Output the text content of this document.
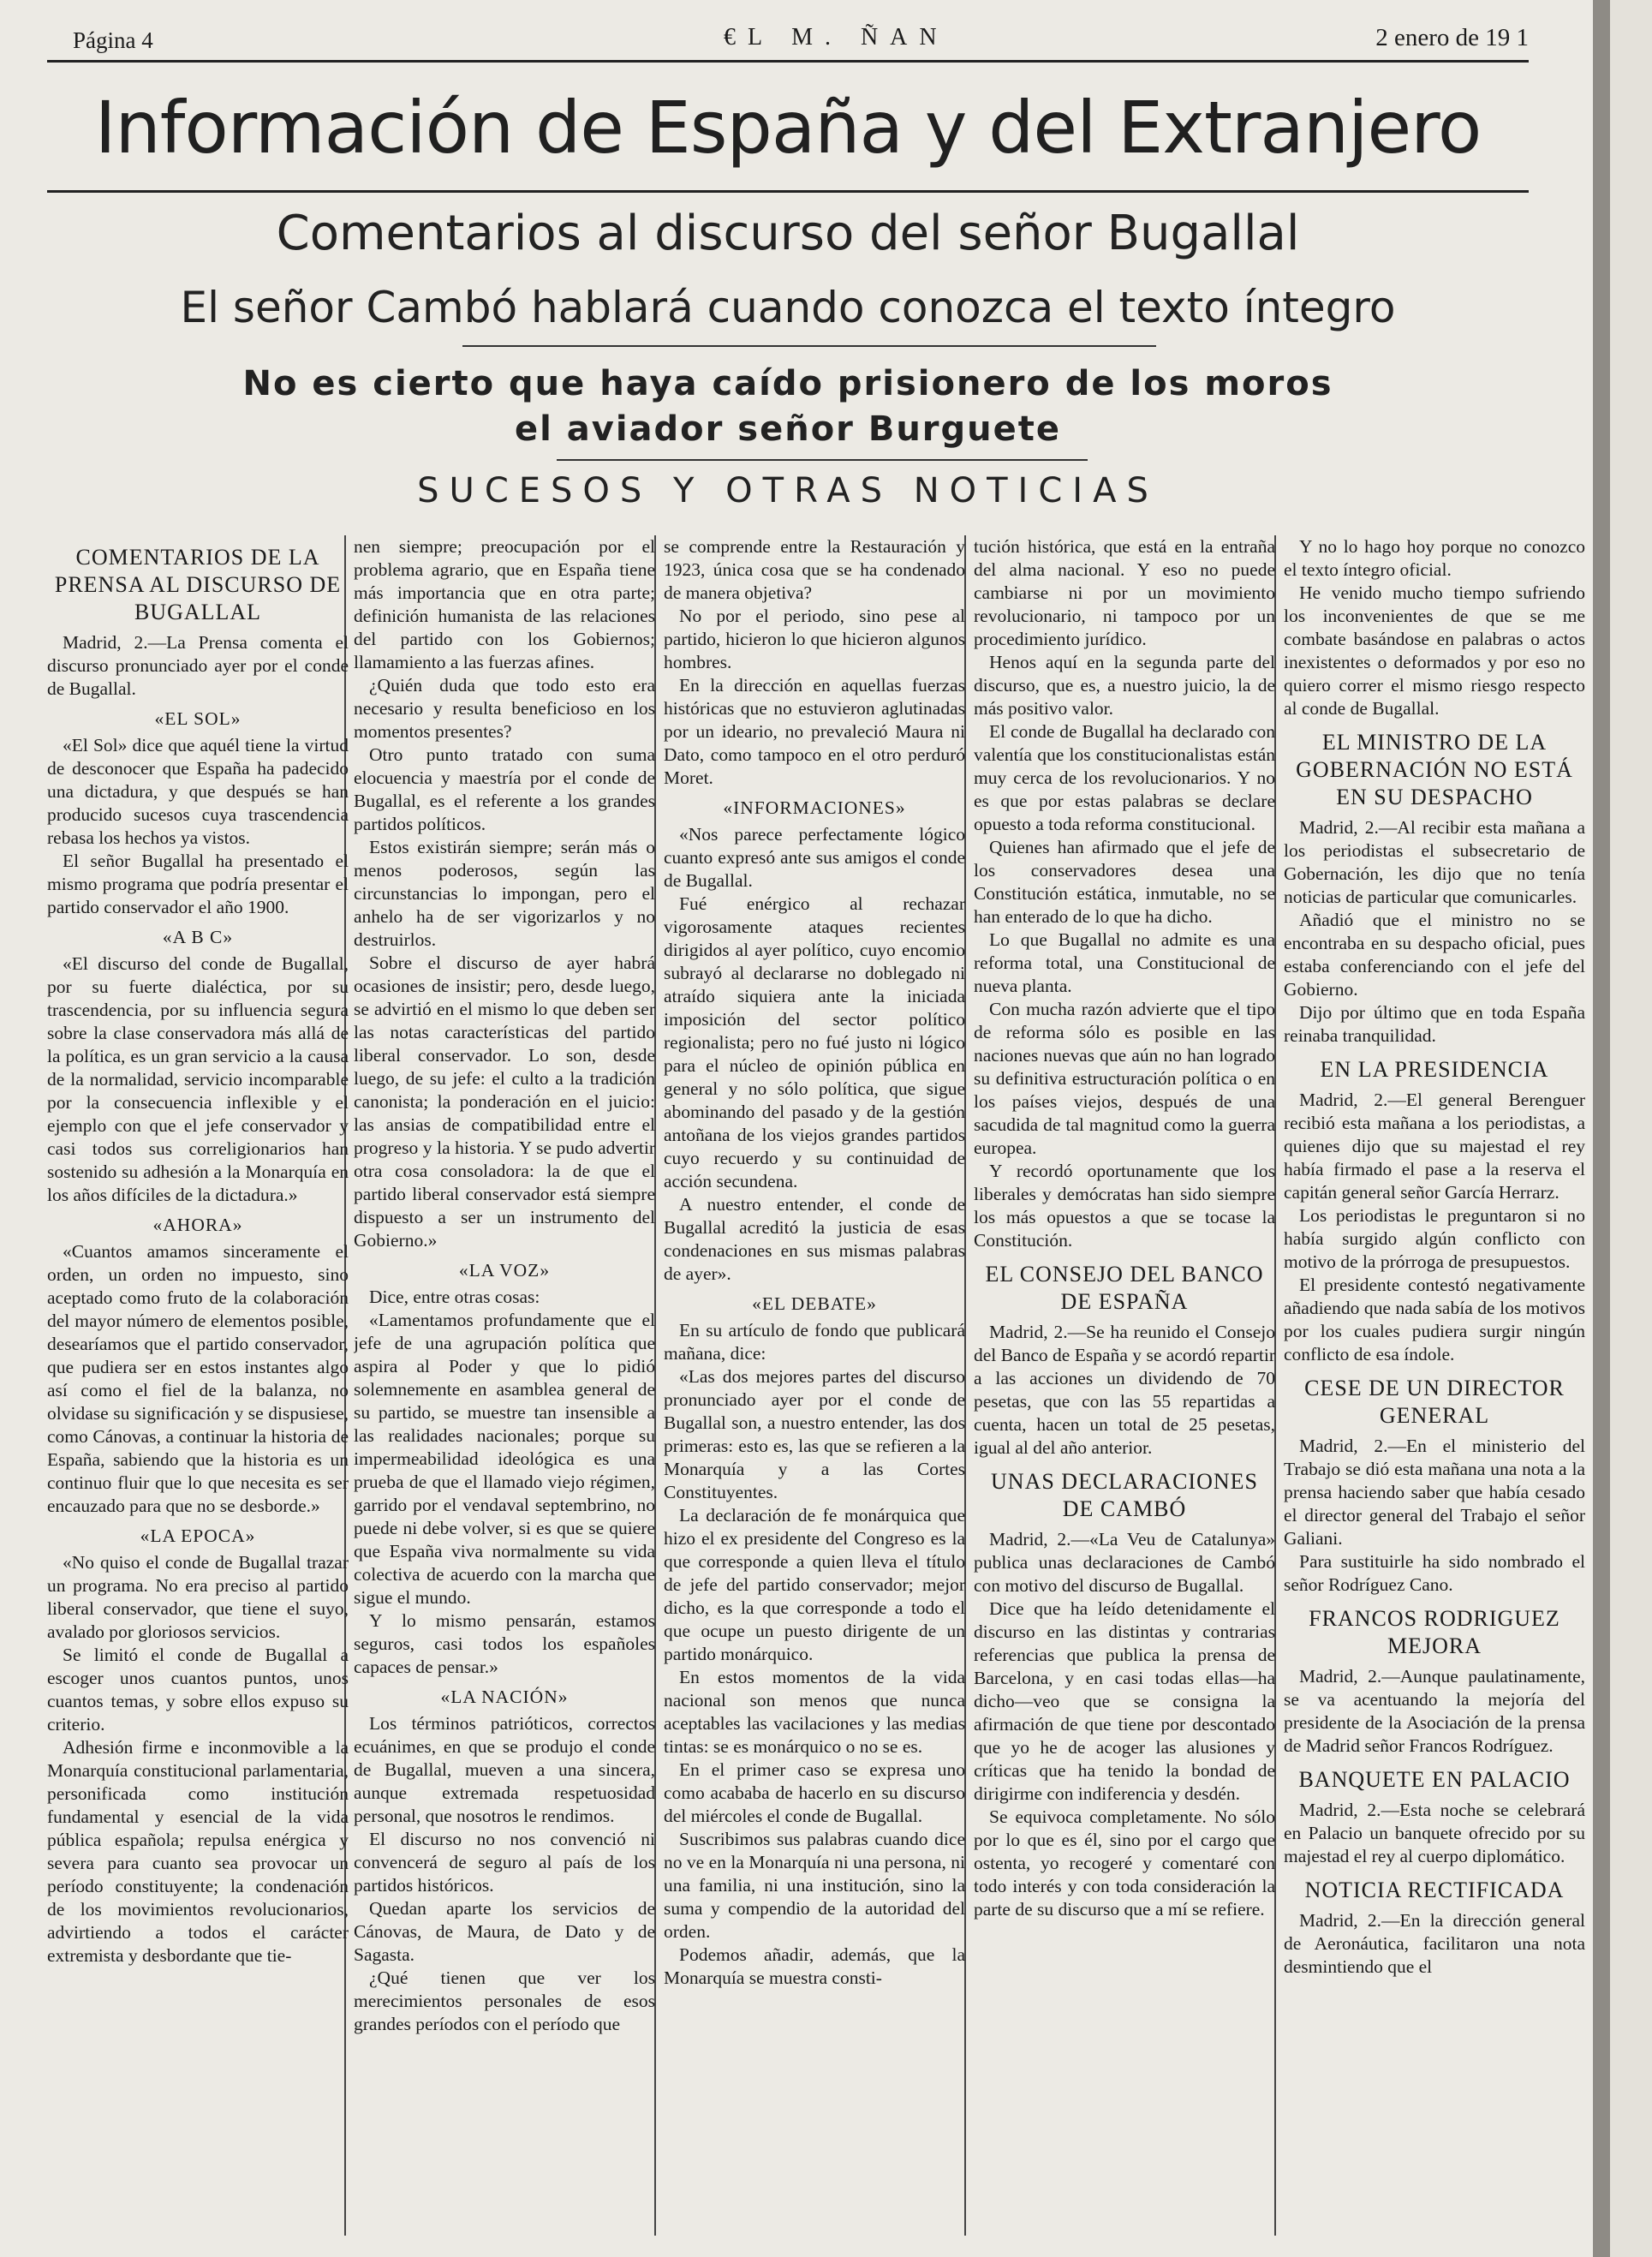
Página 4	€L M. ÑAN	2 enero de 19 1
Información de España y del Extranjero
Comentarios al discurso del señor Bugallal
El señor Cambó hablará cuando conozca el texto íntegro
No es cierto que haya caído prisionero de los moros
el aviador señor Burguete
SUCESOS Y OTRAS NOTICIAS

COMENTARIOS DE LA PRENSA AL DISCURSO DE BUGALLAL

Madrid, 2.—La Prensa comenta el discurso pronunciado ayer por el conde de Bugallal.

«EL SOL»

«El Sol» dice que aquél tiene la virtud de desconocer que España ha padecido una dictadura, y que después se han producido sucesos cuya trascendencia rebasa los hechos ya vistos.

El señor Bugallal ha presentado el mismo programa que podría presentar el partido conservador el año 1900.

«A B C»

«El discurso del conde de Bugallal, por su fuerte dialéctica, por su trascendencia, por su influencia segura sobre la clase conservadora más allá de la política, es un gran servicio a la causa de la normalidad, servicio incomparable por la consecuencia inflexible y el ejemplo con que el jefe conservador y casi todos sus correligionarios han sostenido su adhesión a la Monarquía en los años difíciles de la dictadura.»

«AHORA»

«Cuantos amamos sinceramente el orden, un orden no impuesto, sino aceptado como fruto de la colaboración del mayor número de elementos posible, desearíamos que el partido conservador, que pudiera ser en estos instantes algo así como el fiel de la balanza, no olvidase su significación y se dispusiese, como Cánovas, a continuar la historia de España, sabiendo que la historia es un continuo fluir que lo que necesita es ser encauzado para que no se desborde.»

«LA EPOCA»

«No quiso el conde de Bugallal trazar un programa. No era preciso al partido liberal conservador, que tiene el suyo, avalado por gloriosos servicios.

Se limitó el conde de Bugallal a escoger unos cuantos puntos, unos cuantos temas, y sobre ellos expuso su criterio.

Adhesión firme e inconmovible a la Monarquía constitucional parlamentaria, personificada como institución fundamental y esencial de la vida pública española; repulsa enérgica y severa para cuanto sea provocar un período constituyente; la condenación de los movimientos revolucionarios, advirtiendo a todos el carácter extremista y desbordante que tie-

nen siempre; preocupación por el problema agrario, que en España tiene más importancia que en otra parte; definición humanista de las relaciones del partido con los Gobiernos; llamamiento a las fuerzas afines.

¿Quién duda que todo esto era necesario y resulta beneficioso en los momentos presentes?

Otro punto tratado con suma elocuencia y maestría por el conde de Bugallal, es el referente a los grandes partidos políticos.

Estos existirán siempre; serán más o menos poderosos, según las circunstancias lo impongan, pero el anhelo ha de ser vigorizarlos y no destruirlos.

Sobre el discurso de ayer habrá ocasiones de insistir; pero, desde luego, se advirtió en el mismo lo que deben ser las notas características del partido liberal conservador. Lo son, desde luego, de su jefe: el culto a la tradición canonista; la ponderación en el juicio: las ansias de compatibilidad entre el progreso y la historia. Y se pudo advertir otra cosa consoladora: la de que el partido liberal conservador está siempre dispuesto a ser un instrumento del Gobierno.»

«LA VOZ»

Dice, entre otras cosas:

«Lamentamos profundamente que el jefe de una agrupación política que aspira al Poder y que lo pidió solemnemente en asamblea general de su partido, se muestre tan insensible a las realidades nacionales; porque su impermeabilidad ideológica es una prueba de que el llamado viejo régimen, garrido por el vendaval septembrino, no puede ni debe volver, si es que se quiere que España viva normalmente su vida colectiva de acuerdo con la marcha que sigue el mundo.

Y lo mismo pensarán, estamos seguros, casi todos los españoles capaces de pensar.»

«LA NACIÓN»

Los términos patrióticos, correctos ecuánimes, en que se produjo el conde de Bugallal, mueven a una sincera, aunque extremada respetuosidad personal, que nosotros le rendimos.

El discurso no nos convenció ni convencerá de seguro al país de los partidos históricos.

Quedan aparte los servicios de Cánovas, de Maura, de Dato y de Sagasta.

¿Qué tienen que ver los merecimientos personales de esos grandes períodos con el período que

se comprende entre la Restauración y 1923, única cosa que se ha condenado de manera objetiva?

No por el periodo, sino pese al partido, hicieron lo que hicieron algunos hombres.

En la dirección en aquellas fuerzas históricas que no estuvieron aglutinadas por un ideario, no prevaleció Maura ni Dato, como tampoco en el otro perduró Moret.

«INFORMACIONES»

«Nos parece perfectamente lógico cuanto expresó ante sus amigos el conde de Bugallal.

Fué enérgico al rechazar vigorosamente ataques recientes dirigidos al ayer político, cuyo encomio subrayó al declararse no doblegado ni atraído siquiera ante la iniciada imposición del sector político regionalista; pero no fué justo ni lógico para el núcleo de opinión pública en general y no sólo política, que sigue abominando del pasado y de la gestión antoñana de los viejos grandes partidos cuyo recuerdo y su continuidad de acción secundena.

A nuestro entender, el conde de Bugallal acreditó la justicia de esas condenaciones en sus mismas palabras de ayer».

«EL DEBATE»

En su artículo de fondo que publicará mañana, dice:

«Las dos mejores partes del discurso pronunciado ayer por el conde de Bugallal son, a nuestro entender, las dos primeras: esto es, las que se refieren a la Monarquía y a las Cortes Constituyentes.

La declaración de fe monárquica que hizo el ex presidente del Congreso es la que corresponde a quien lleva el título de jefe del partido conservador; mejor dicho, es la que corresponde a todo el que ocupe un puesto dirigente de un partido monárquico.

En estos momentos de la vida nacional son menos que nunca aceptables las vacilaciones y las medias tintas: se es monárquico o no se es.

En el primer caso se expresa uno como acababa de hacerlo en su discurso del miércoles el conde de Bugallal.

Suscribimos sus palabras cuando dice no ve en la Monarquía ni una persona, ni una familia, ni una institución, sino la suma y compendio de la autoridad del orden.

Podemos añadir, además, que la Monarquía se muestra consti-

tución histórica, que está en la entraña del alma nacional. Y eso no puede cambiarse ni por un movimiento revolucionario, ni tampoco por un procedimiento jurídico.

Henos aquí en la segunda parte del discurso, que es, a nuestro juicio, la de más positivo valor.

El conde de Bugallal ha declarado con valentía que los constitucionalistas están muy cerca de los revolucionarios. Y no es que por estas palabras se declare opuesto a toda reforma constitucional.

Quienes han afirmado que el jefe de los conservadores desea una Constitución estática, inmutable, no se han enterado de lo que ha dicho.

Lo que Bugallal no admite es una reforma total, una Constitucional de nueva planta.

Con mucha razón advierte que el tipo de reforma sólo es posible en las naciones nuevas que aún no han logrado su definitiva estructuración política o en los países viejos, después de una sacudida de tal magnitud como la guerra europea.

Y recordó oportunamente que los liberales y demócratas han sido siempre los más opuestos a que se tocase la Constitución.

EL CONSEJO DEL BANCO DE ESPAÑA

Madrid, 2.—Se ha reunido el Consejo del Banco de España y se acordó repartir a las acciones un dividendo de 70 pesetas, que con las 55 repartidas a cuenta, hacen un total de 25 pesetas, igual al del año anterior.

UNAS DECLARACIONES DE CAMBÓ

Madrid, 2.—«La Veu de Catalunya» publica unas declaraciones de Cambó con motivo del discurso de Bugallal.

Dice que ha leído detenidamente el discurso en las distintas y contrarias referencias que publica la prensa de Barcelona, y en casi todas ellas—ha dicho—veo que se consigna la afirmación de que tiene por descontado que yo he de acoger las alusiones y críticas que ha tenido la bondad de dirigirme con indiferencia y desdén.

Se equivoca completamente. No sólo por lo que es él, sino por el cargo que ostenta, yo recogeré y comentaré con todo interés y con toda consideración la parte de su discurso que a mí se refiere.

Y no lo hago hoy porque no conozco el texto íntegro oficial.

He venido mucho tiempo sufriendo los inconvenientes de que se me combate basándose en palabras o actos inexistentes o deformados y por eso no quiero correr el mismo riesgo respecto al conde de Bugallal.

EL MINISTRO DE LA GOBERNACIÓN NO ESTÁ EN SU DESPACHO

Madrid, 2.—Al recibir esta mañana a los periodistas el subsecretario de Gobernación, les dijo que no tenía noticias de particular que comunicarles.

Añadió que el ministro no se encontraba en su despacho oficial, pues estaba conferenciando con el jefe del Gobierno.

Dijo por último que en toda España reinaba tranquilidad.

EN LA PRESIDENCIA

Madrid, 2.—El general Berenguer recibió esta mañana a los periodistas, a quienes dijo que su majestad el rey había firmado el pase a la reserva el capitán general señor García Herrarz.

Los periodistas le preguntaron si no había surgido algún conflicto con motivo de la prórroga de presupuestos.

El presidente contestó negativamente añadiendo que nada sabía de los motivos por los cuales pudiera surgir ningún conflicto de esa índole.

CESE DE UN DIRECTOR GENERAL

Madrid, 2.—En el ministerio del Trabajo se dió esta mañana una nota a la prensa haciendo saber que había cesado el director general del Trabajo el señor Galiani.

Para sustituirle ha sido nombrado el señor Rodríguez Cano.

FRANCOS RODRIGUEZ MEJORA

Madrid, 2.—Aunque paulatinamente, se va acentuando la mejoría del presidente de la Asociación de la prensa de Madrid señor Francos Rodríguez.

BANQUETE EN PALACIO

Madrid, 2.—Esta noche se celebrará en Palacio un banquete ofrecido por su majestad el rey al cuerpo diplomático.

NOTICIA RECTIFICADA

Madrid, 2.—En la dirección general de Aeronáutica, facilitaron una nota desmintiendo que el
